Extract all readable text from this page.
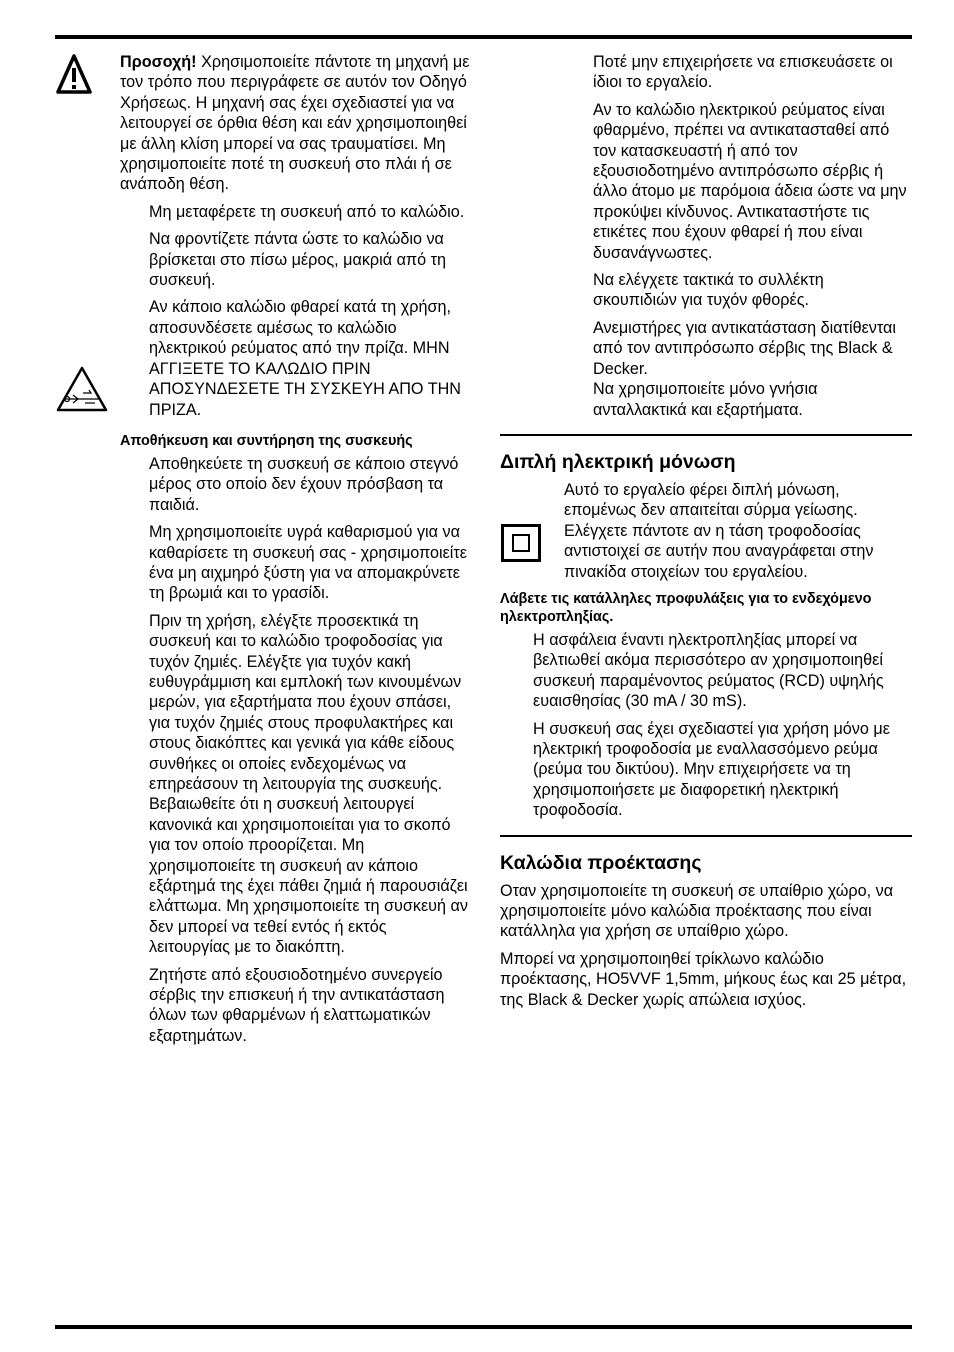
Προσοχή! Χρησιμοποιείτε πάντοτε τη μηχανή με τον τρόπο που περιγράφετε σε αυτόν τον Οδηγό Χρήσεως. Η μηχανή σας έχει σχεδιαστεί για να λειτουργεί σε όρθια θέση και εάν χρησιμοποιηθεί με άλλη κλίση μπορεί να σας τραυματίσει. Μη χρησιμοποιείτε ποτέ τη συσκευή στο πλάι ή σε ανάποδη θέση.

Μη μεταφέρετε τη συσκευή από το καλώδιο.

Να φροντίζετε πάντα ώστε το καλώδιο να βρίσκεται στο πίσω μέρος, μακριά από τη συσκευή.

Αν κάποιο καλώδιο φθαρεί κατά τη χρήση, αποσυνδέσετε αμέσως το καλώδιο ηλεκτρικού ρεύματος από την πρίζα. ΜΗΝ ΑΓΓΙΞΕΤΕ ΤΟ ΚΑΛΩΔΙΟ ΠΡΙΝ ΑΠΟΣΥΝΔΕΣΕΤΕ ΤΗ ΣΥΣΚΕΥΗ ΑΠΟ ΤΗΝ ΠΡΙΖΑ.

Αποθήκευση και συντήρηση της συσκευής

Αποθηκεύετε τη συσκευή σε κάποιο στεγνό μέρος στο οποίο δεν έχουν πρόσβαση τα παιδιά.

Μη χρησιμοποιείτε υγρά καθαρισμού για να καθαρίσετε τη συσκευή σας - χρησιμοποιείτε ένα μη αιχμηρό ξύστη για να απομακρύνετε τη βρωμιά και το γρασίδι.

Πριν τη χρήση, ελέγξτε προσεκτικά τη συσκευή και το καλώδιο τροφοδοσίας για τυχόν ζημιές. Ελέγξτε για τυχόν κακή ευθυγράμμιση και εμπλοκή των κινουμένων μερών, για εξαρτήματα που έχουν σπάσει, για τυχόν ζημιές στους προφυλακτήρες και στους διακόπτες και γενικά για κάθε είδους συνθήκες οι οποίες ενδεχομένως να επηρεάσουν τη λειτουργία της συσκευής. Βεβαιωθείτε ότι η συσκευή λειτουργεί κανονικά και χρησιμοποιείται για το σκοπό για τον οποίο προορίζεται. Μη χρησιμοποιείτε τη συσκευή αν κάποιο εξάρτημά της έχει πάθει ζημιά ή παρουσιάζει ελάττωμα. Μη χρησιμοποιείτε τη συσκευή αν δεν μπορεί να τεθεί εντός ή εκτός λειτουργίας με το διακόπτη.

Ζητήστε από εξουσιοδοτημένο συνεργείο σέρβις την επισκευή ή την αντικατάσταση όλων των φθαρμένων ή ελαττωματικών εξαρτημάτων.

Ποτέ μην επιχειρήσετε να επισκευάσετε οι ίδιοι το εργαλείο.

Αν το καλώδιο ηλεκτρικού ρεύματος είναι φθαρμένο, πρέπει να αντικατασταθεί από τον κατασκευαστή ή από τον εξουσιοδοτημένο αντιπρόσωπο σέρβις ή άλλο άτομο με παρόμοια άδεια ώστε να μην προκύψει κίνδυνος. Αντικαταστήστε τις ετικέτες που έχουν φθαρεί ή που είναι δυσανάγνωστες.

Να ελέγχετε τακτικά το συλλέκτη σκουπιδιών για τυχόν φθορές.

Ανεμιστήρες για αντικατάσταση διατίθενται από τον αντιπρόσωπο σέρβις της Black & Decker.

Να χρησιμοποιείτε μόνο γνήσια ανταλλακτικά και εξαρτήματα.

Διπλή ηλεκτρική μόνωση

Αυτό το εργαλείο φέρει διπλή μόνωση, επομένως δεν απαιτείται σύρμα γείωσης. Ελέγχετε πάντοτε αν η τάση τροφοδοσίας αντιστοιχεί σε αυτήν που αναγράφεται στην πινακίδα στοιχείων του εργαλείου.

Λάβετε τις κατάλληλες προφυλάξεις για το ενδεχόμενο ηλεκτροπληξίας.

Η ασφάλεια έναντι ηλεκτροπληξίας μπορεί να βελτιωθεί ακόμα περισσότερο αν χρησιμοποιηθεί συσκευή παραμένοντος ρεύματος (RCD) υψηλής ευαισθησίας (30 mA / 30 mS).

Η συσκευή σας έχει σχεδιαστεί για χρήση μόνο με ηλεκτρική τροφοδοσία με εναλλασσόμενο ρεύμα (ρεύμα του δικτύου). Μην επιχειρήσετε να τη χρησιμοποιήσετε με διαφορετική ηλεκτρική τροφοδοσία.

Καλώδια προέκτασης

Οταν χρησιμοποιείτε τη συσκευή σε υπαίθριο χώρο, να χρησιμοποιείτε μόνο καλώδια προέκτασης που είναι κατάλληλα για χρήση σε υπαίθριο χώρο.

Μπορεί να χρησιμοποιηθεί τρίκλωνο καλώδιο προέκτασης, HO5VVF 1,5mm, μήκους έως και 25 μέτρα, της Black & Decker χωρίς απώλεια ισχύος.
